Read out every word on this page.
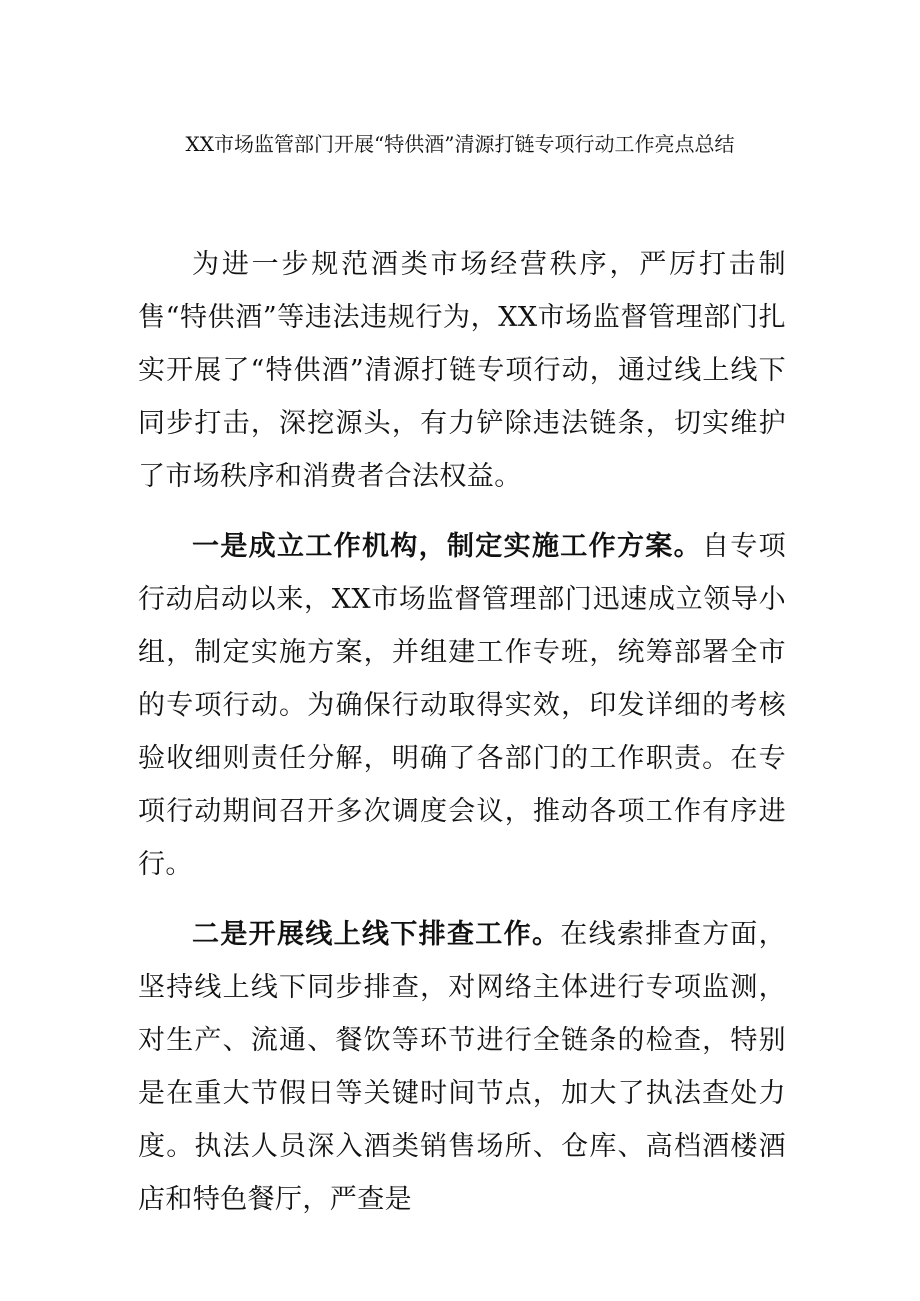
XX市场监管部门开展“特供酒”清源打链专项行动工作亮点总结

为进一步规范酒类市场经营秩序，严厉打击制售“特供酒”等违法违规行为，XX市场监督管理部门扎实开展了“特供酒”清源打链专项行动，通过线上线下同步打击，深挖源头，有力铲除违法链条，切实维护了市场秩序和消费者合法权益。

一是成立工作机构，制定实施工作方案。自专项行动启动以来，XX市场监督管理部门迅速成立领导小组，制定实施方案，并组建工作专班，统筹部署全市的专项行动。为确保行动取得实效，印发详细的考核验收细则责任分解，明确了各部门的工作职责。在专项行动期间召开多次调度会议，推动各项工作有序进行。

二是开展线上线下排查工作。在线索排查方面，坚持线上线下同步排查，对网络主体进行专项监测，对生产、流通、餐饮等环节进行全链条的检查，特别是在重大节假日等关键时间节点，加大了执法查处力度。执法人员深入酒类销售场所、仓库、高档酒楼酒店和特色餐厅，严查是
